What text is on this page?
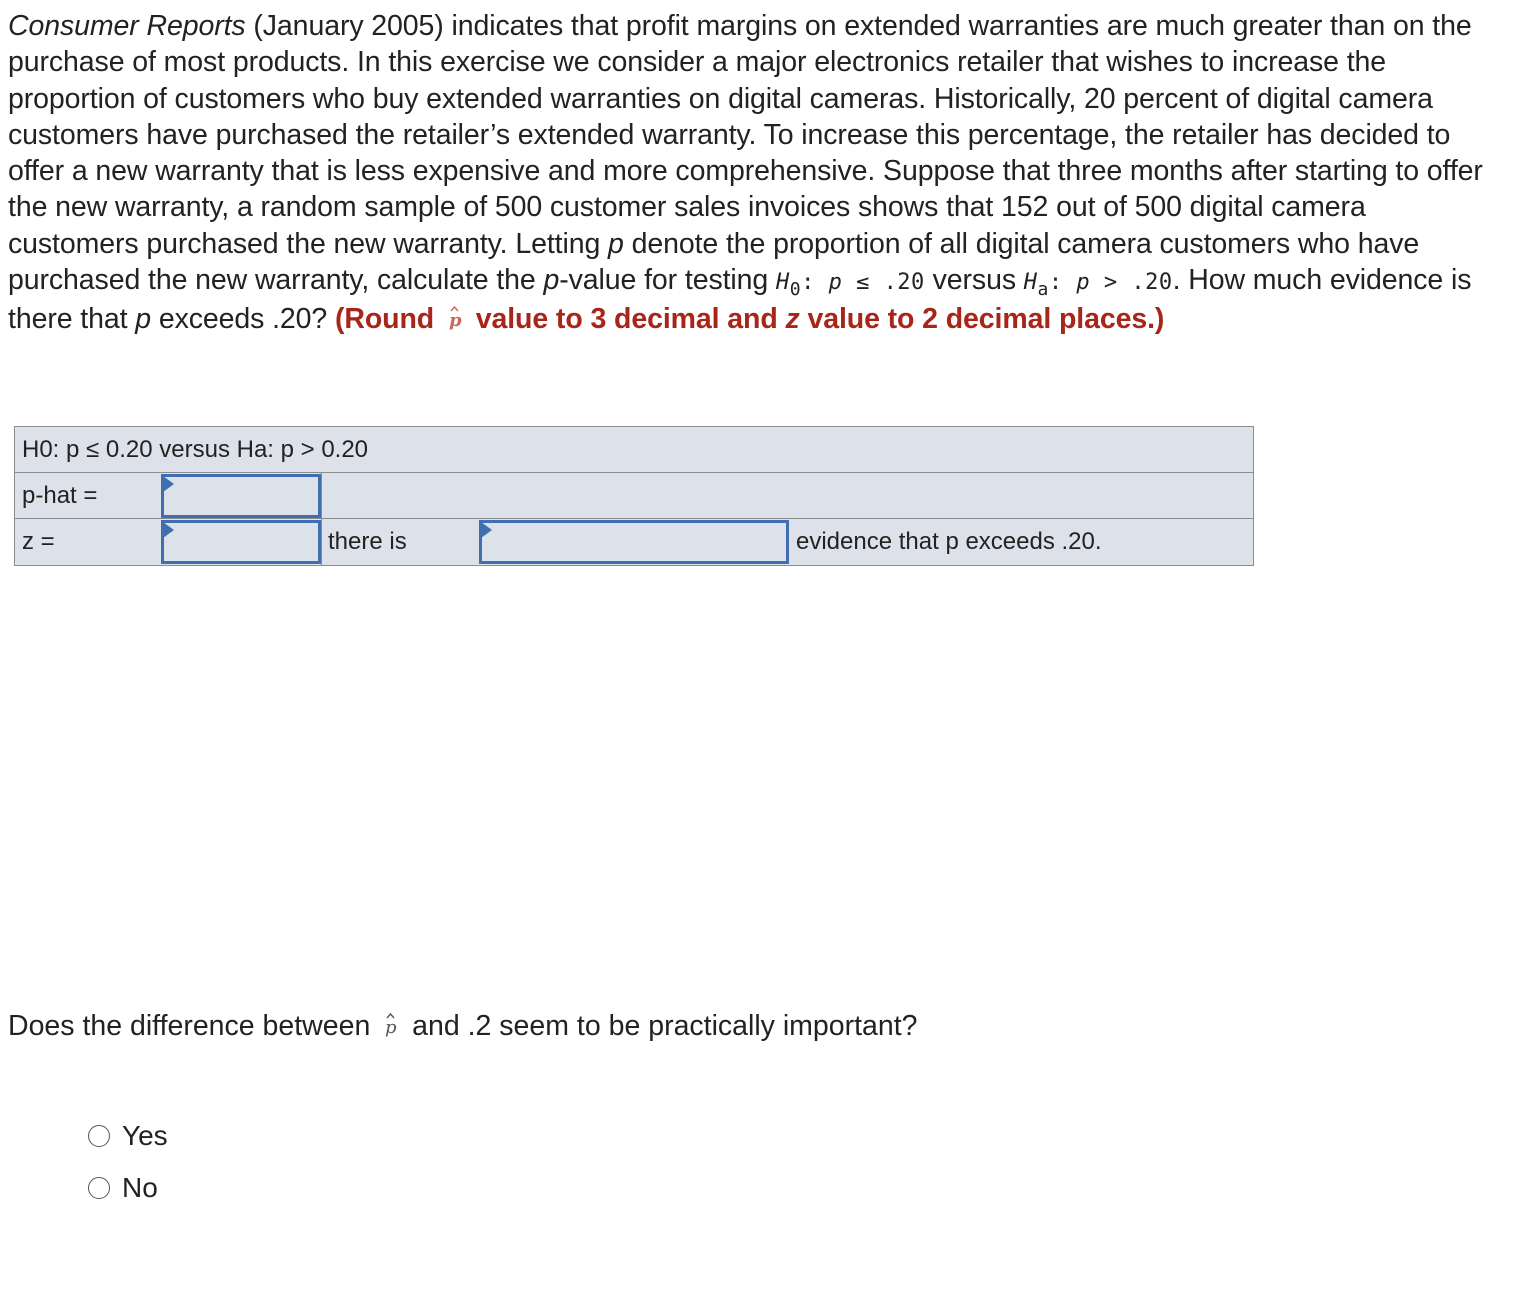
Consumer Reports (January 2005) indicates that profit margins on extended warranties are much greater than on the purchase of most products. In this exercise we consider a major electronics retailer that wishes to increase the proportion of customers who buy extended warranties on digital cameras. Historically, 20 percent of digital camera customers have purchased the retailer’s extended warranty. To increase this percentage, the retailer has decided to offer a new warranty that is less expensive and more comprehensive. Suppose that three months after starting to offer the new warranty, a random sample of 500 customer sales invoices shows that 152 out of 500 digital camera customers purchased the new warranty. Letting p denote the proportion of all digital camera customers who have purchased the new warranty, calculate the p-value for testing $H_0$: p ≤ .20 versus $H_a$: p > .20. How much evidence is there that p exceeds .20? (Round p value to 3 decimal and z value to 2 decimal places.)
H0: p ≤ 0.20 versus Ha: p > 0.20
p-hat =
z =	there is	evidence that p exceeds .20.
Does the difference between p and .2 seem to be practically important?
Yes
No
